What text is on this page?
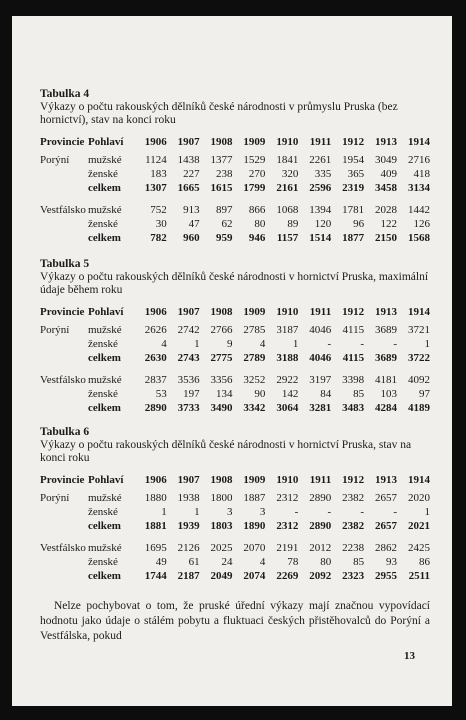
Tabulka 4
Výkazy o počtu rakouských dělníků české národnosti v průmyslu Pruska (bez hornictví), stav na konci roku
Provincie	Pohlaví	1906	1907	1908	1909	1910	1911	1912	1913	1914
Porýní	mužské	1124	1438	1377	1529	1841	2261	1954	3049	2716
	ženské	183	227	238	270	320	335	365	409	418
	celkem	1307	1665	1615	1799	2161	2596	2319	3458	3134

Vestfálsko	mužské	752	913	897	866	1068	1394	1781	2028	1442
	ženské	30	47	62	80	89	120	96	122	126
	celkem	782	960	959	946	1157	1514	1877	2150	1568
Tabulka 5
Výkazy o počtu rakouských dělníků české národnosti v hornictví Pruska, maximální údaje během roku
Provincie	Pohlaví	1906	1907	1908	1909	1910	1911	1912	1913	1914
Porýní	mužské	2626	2742	2766	2785	3187	4046	4115	3689	3721
	ženské	4	1	9	4	1	-	-	-	1
	celkem	2630	2743	2775	2789	3188	4046	4115	3689	3722

Vestfálsko	mužské	2837	3536	3356	3252	2922	3197	3398	4181	4092
	ženské	53	197	134	90	142	84	85	103	97
	celkem	2890	3733	3490	3342	3064	3281	3483	4284	4189
Tabulka 6
Výkazy o počtu rakouských dělníků české národnosti v hornictví Pruska, stav na konci roku
Provincie	Pohlaví	1906	1907	1908	1909	1910	1911	1912	1913	1914
Porýní	mužské	1880	1938	1800	1887	2312	2890	2382	2657	2020
	ženské	1	1	3	3	-	-	-	-	1
	celkem	1881	1939	1803	1890	2312	2890	2382	2657	2021

Vestfálsko	mužské	1695	2126	2025	2070	2191	2012	2238	2862	2425
	ženské	49	61	24	4	78	80	85	93	86
	celkem	1744	2187	2049	2074	2269	2092	2323	2955	2511
Nelze pochybovat o tom, že pruské úřední výkazy mají značnou vypovídací hodnotu jako údaje o stálém pobytu a fluktuaci českých přistěhovalců do Porýní a Vestfálska, pokud
13
